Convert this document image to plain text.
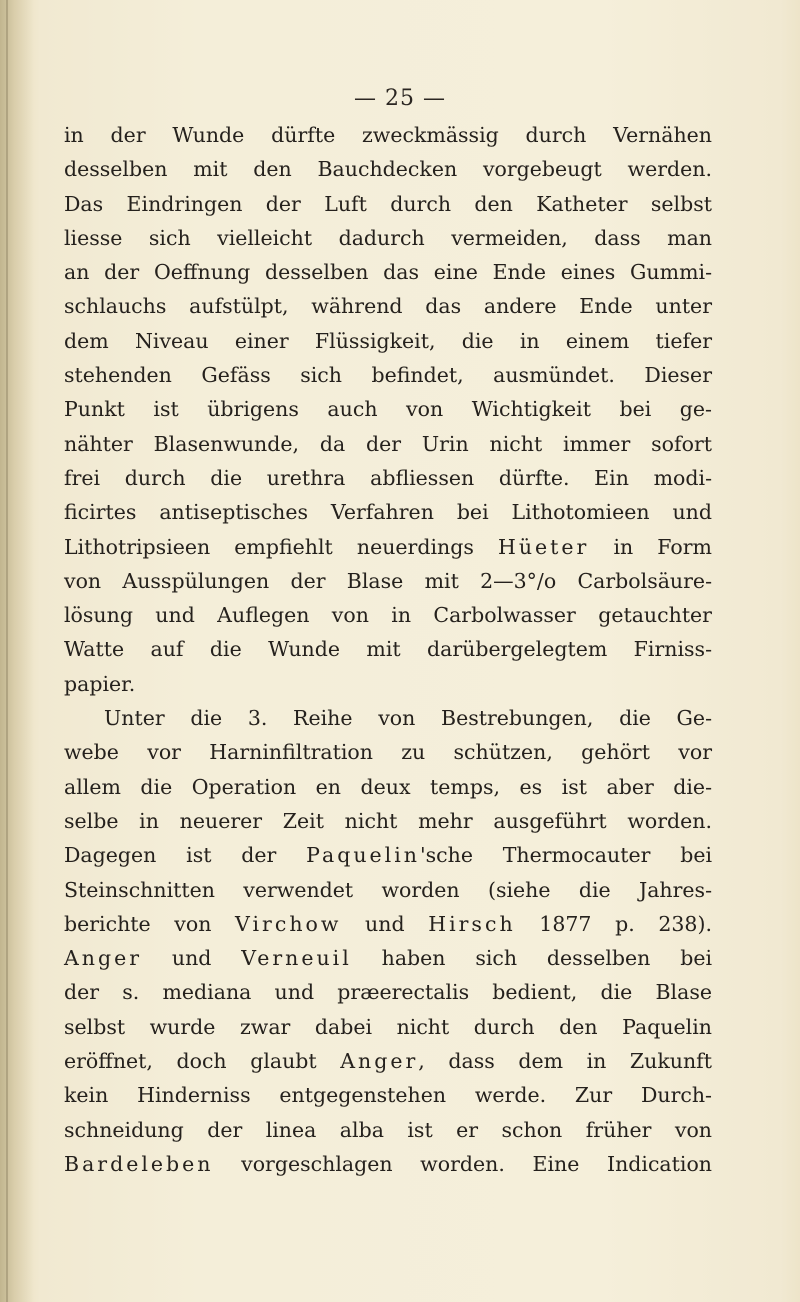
— 25 —
in der Wunde dürfte zweckmässig durch Vernähen
desselben mit den Bauchdecken vorgebeugt werden.
Das Eindringen der Luft durch den Katheter selbst
liesse sich vielleicht dadurch vermeiden, dass man
an der Oeffnung desselben das eine Ende eines Gummi-
schlauchs aufstülpt, während das andere Ende unter
dem Niveau einer Flüssigkeit, die in einem tiefer
stehenden Gefäss sich befindet, ausmündet. Dieser
Punkt ist übrigens auch von Wichtigkeit bei ge-
nähter Blasenwunde, da der Urin nicht immer sofort
frei durch die urethra abfliessen dürfte. Ein modi-
ficirtes antiseptisches Verfahren bei Lithotomieen und
Lithotripsieen empfiehlt neuerdings Hüeter in Form
von Ausspülungen der Blase mit 2—3°/o Carbolsäure-
lösung und Auflegen von in Carbolwasser getauchter
Watte auf die Wunde mit darübergelegtem Firniss-
papier.
Unter die 3. Reihe von Bestrebungen, die Ge-
webe vor Harninfiltration zu schützen, gehört vor
allem die Operation en deux temps, es ist aber die-
selbe in neuerer Zeit nicht mehr ausgeführt worden.
Dagegen ist der Paquelin'sche Thermocauter bei
Steinschnitten verwendet worden (siehe die Jahres-
berichte von Virchow und Hirsch 1877 p. 238).
Anger und Verneuil haben sich desselben bei
der s. mediana und præerectalis bedient, die Blase
selbst wurde zwar dabei nicht durch den Paquelin
eröffnet, doch glaubt Anger, dass dem in Zukunft
kein Hinderniss entgegenstehen werde. Zur Durch-
schneidung der linea alba ist er schon früher von
Bardeleben vorgeschlagen worden. Eine Indication
